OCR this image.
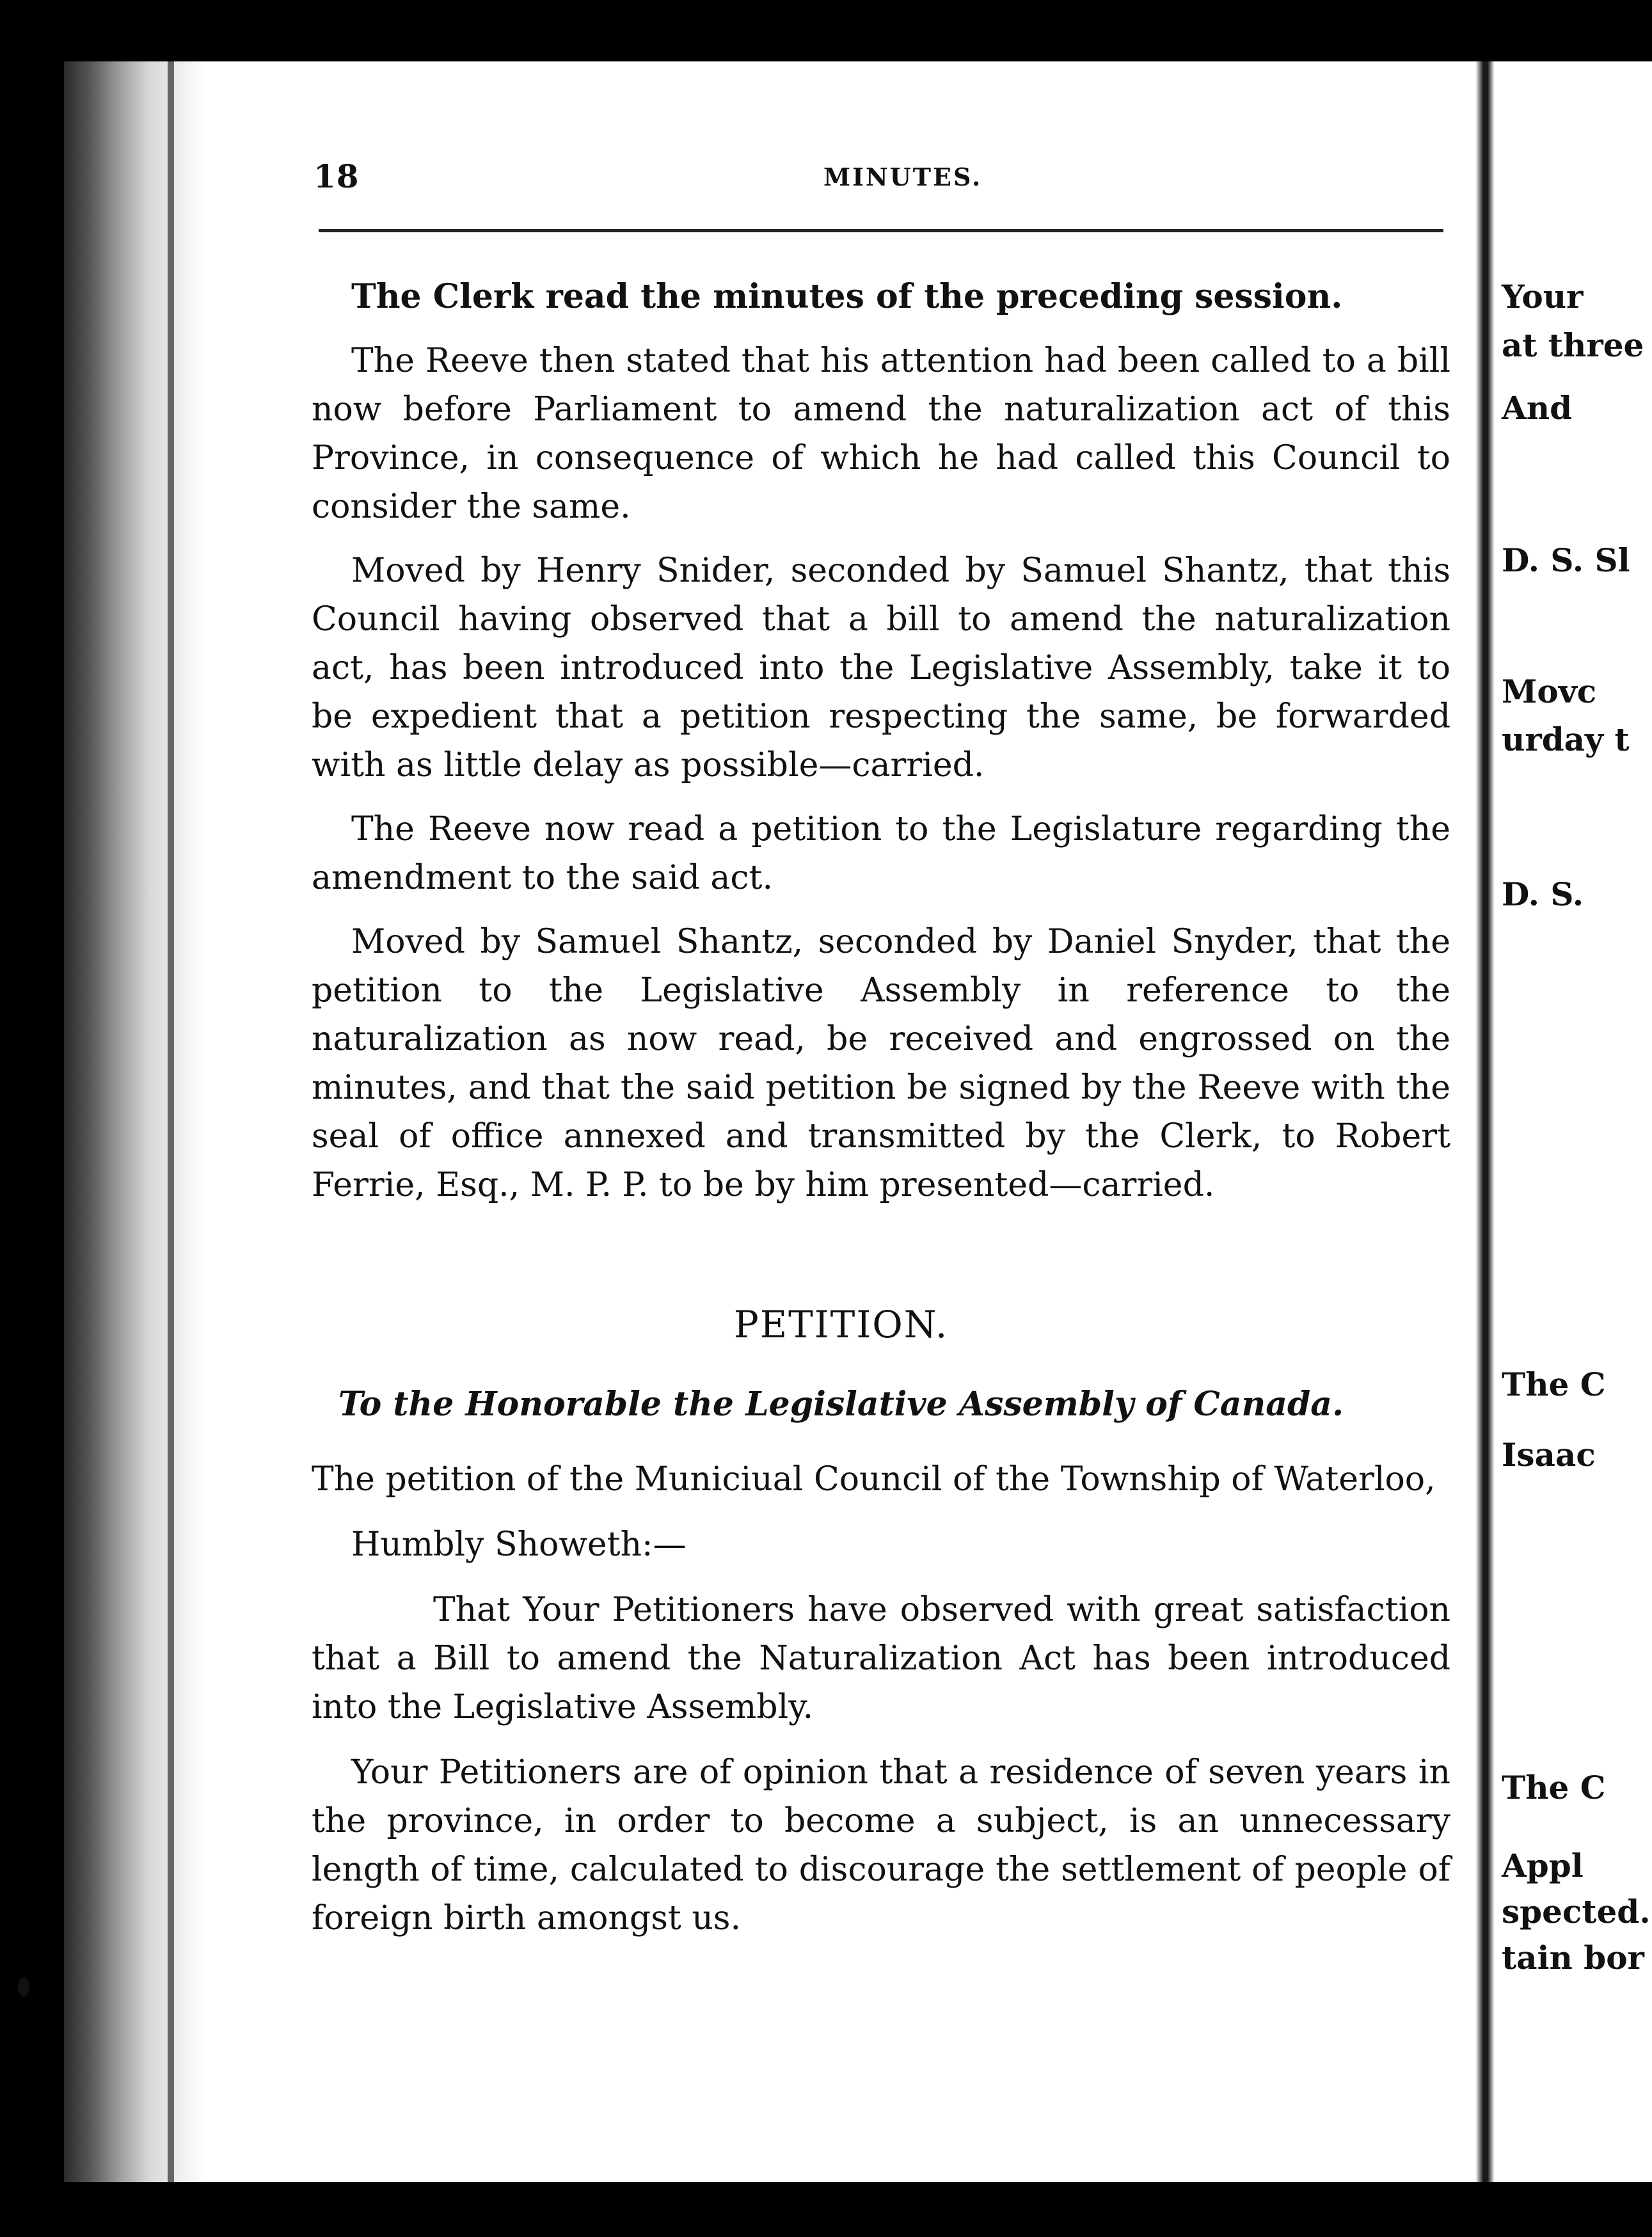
18	MINUTES.

The Clerk read the minutes of the preceding session.

The Reeve then stated that his attention had been called to a bill now before Parliament to amend the naturalization act of this Province, in consequence of which he had called this Council to consider the same.

Moved by Henry Snider, seconded by Samuel Shantz, that this Council having observed that a bill to amend the naturalization act, has been introduced into the Legislative Assembly, take it to be expedient that a petition respecting the same, be forwarded with as little delay as possible—carried.

The Reeve now read a petition to the Legislature regarding the amendment to the said act.

Moved by Samuel Shantz, seconded by Daniel Snyder, that the petition to the Legislative Assembly in reference to the naturalization as now read, be received and engrossed on the minutes, and that the said petition be signed by the Reeve with the seal of office annexed and transmitted by the Clerk, to Robert Ferrie, Esq., M. P. P. to be by him presented—carried.

PETITION.
To the Honorable the Legislative Assembly of Canada.

The petition of the Municiual Council of the Township of Waterloo,

Humbly Showeth:—

That Your Petitioners have observed with great satisfaction that a Bill to amend the Naturalization Act has been introduced into the Legislative Assembly.

Your Petitioners are of opinion that a residence of seven years in the province, in order to become a subject, is an unnecessary length of time, calculated to discourage the settlement of people of foreign birth amongst us.

Your
at three
And
D. S. Sl
Movc
urday t
D. S.
The C
Isaac
The C
Appl
spected.
tain bor
